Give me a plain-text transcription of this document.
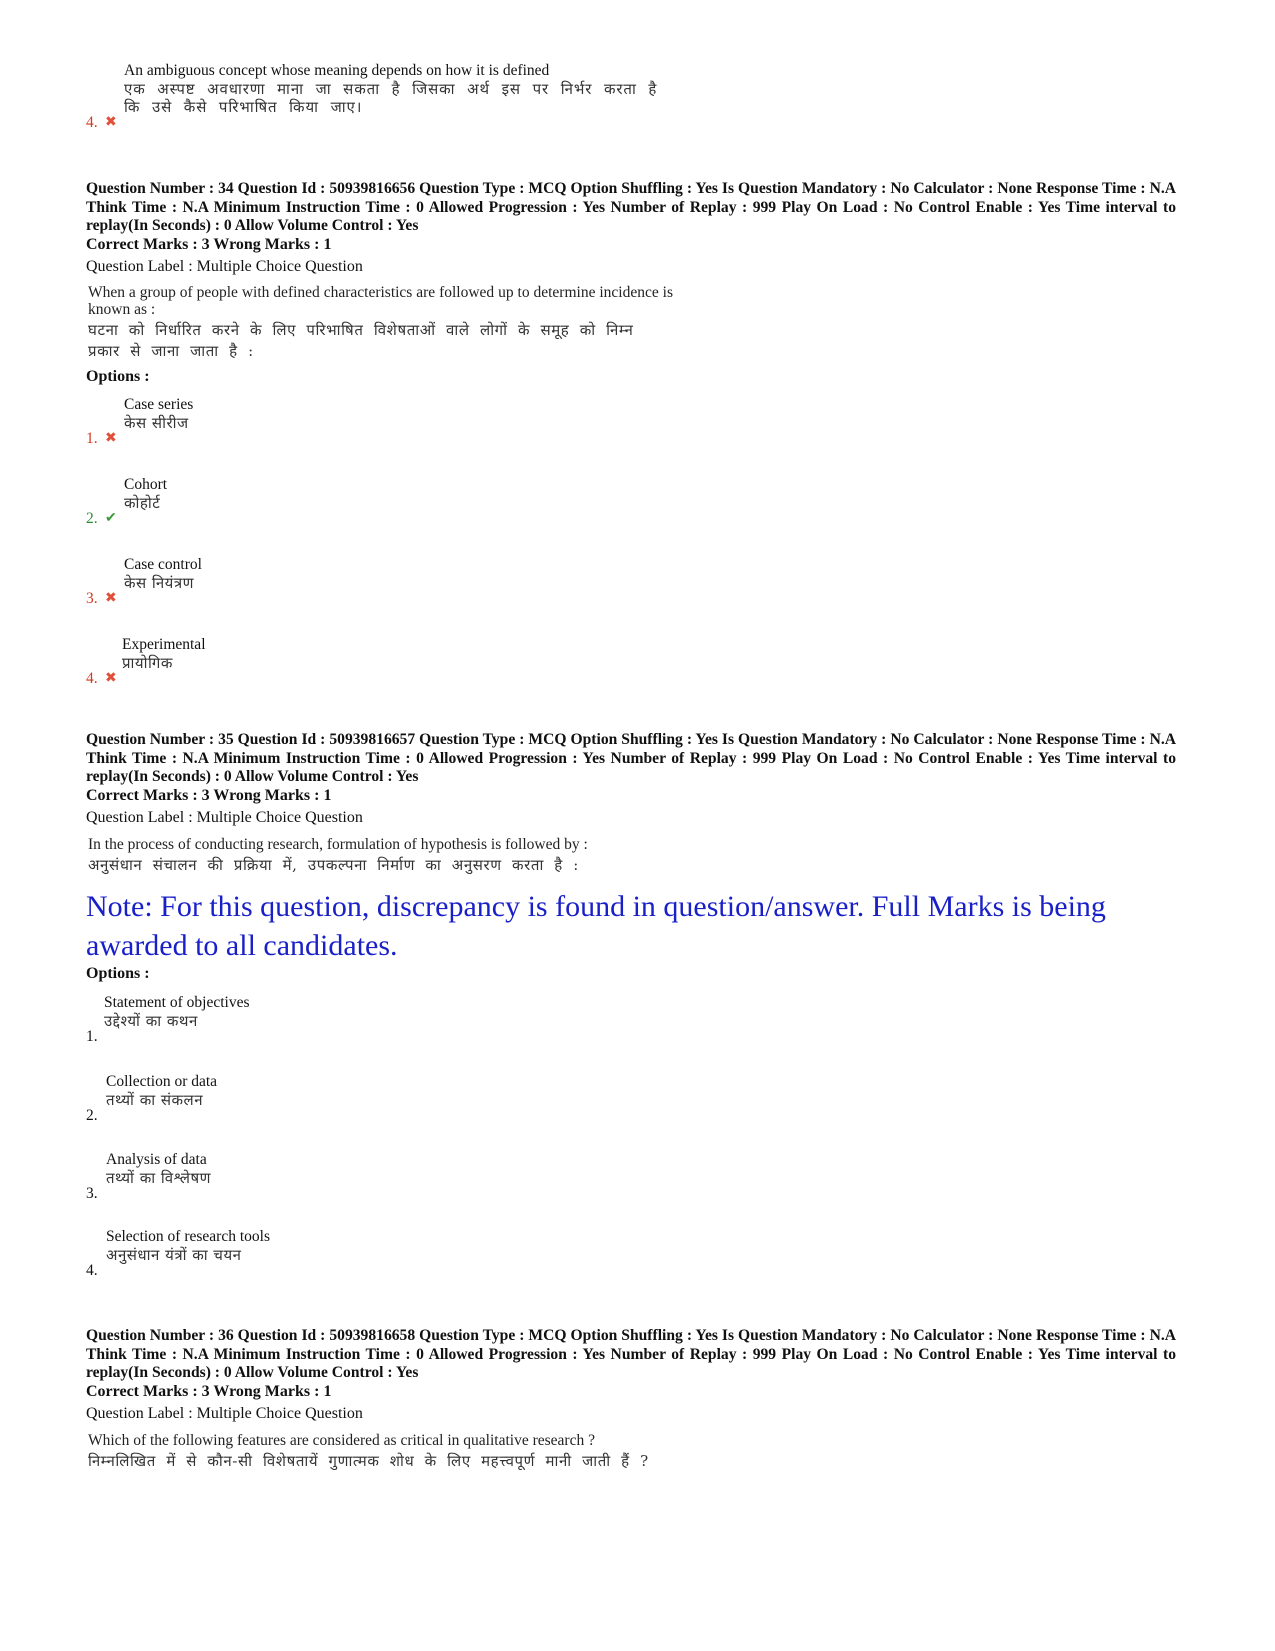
An ambiguous concept whose meaning depends on how it is defined
एक अस्पष्ट अवधारणा माना जा सकता है जिसका अर्थ इस पर निर्भर करता है
कि उसे कैसे परिभाषित किया जाए।
4. ✖
Question Number : 34 Question Id : 50939816656 Question Type : MCQ Option Shuffling : Yes Is Question Mandatory : No Calculator : None Response Time : N.A Think Time : N.A Minimum Instruction Time : 0 Allowed Progression : Yes Number of Replay : 999 Play On Load : No Control Enable : Yes Time interval to replay(In Seconds) : 0 Allow Volume Control : Yes
Correct Marks : 3 Wrong Marks : 1
Question Label : Multiple Choice Question
When a group of people with defined characteristics are followed up to determine incidence is known as :
घटना को निर्धारित करने के लिए परिभाषित विशेषताओं वाले लोगों के समूह को निम्न प्रकार से जाना जाता है :
Options :
Case series
केस सीरीज
1. ✖
Cohort
कोहोर्ट
2. ✔
Case control
केस नियंत्रण
3. ✖
Experimental
प्रायोगिक
4. ✖
Question Number : 35 Question Id : 50939816657 Question Type : MCQ Option Shuffling : Yes Is Question Mandatory : No Calculator : None Response Time : N.A Think Time : N.A Minimum Instruction Time : 0 Allowed Progression : Yes Number of Replay : 999 Play On Load : No Control Enable : Yes Time interval to replay(In Seconds) : 0 Allow Volume Control : Yes
Correct Marks : 3 Wrong Marks : 1
Question Label : Multiple Choice Question
In the process of conducting research, formulation of hypothesis is followed by :
अनुसंधान संचालन की प्रक्रिया में, उपकल्पना निर्माण का अनुसरण करता है :
Note: For this question, discrepancy is found in question/answer. Full Marks is being awarded to all candidates.
Options :
Statement of objectives
उद्देश्यों का कथन
1.
Collection or data
तथ्यों का संकलन
2.
Analysis of data
तथ्यों का विश्लेषण
3.
Selection of research tools
अनुसंधान यंत्रों का चयन
4.
Question Number : 36 Question Id : 50939816658 Question Type : MCQ Option Shuffling : Yes Is Question Mandatory : No Calculator : None Response Time : N.A Think Time : N.A Minimum Instruction Time : 0 Allowed Progression : Yes Number of Replay : 999 Play On Load : No Control Enable : Yes Time interval to replay(In Seconds) : 0 Allow Volume Control : Yes
Correct Marks : 3 Wrong Marks : 1
Question Label : Multiple Choice Question
Which of the following features are considered as critical in qualitative research ?
निम्नलिखित में से कौन-सी विशेषतायें गुणात्मक शोध के लिए महत्त्वपूर्ण मानी जाती हैं ?
